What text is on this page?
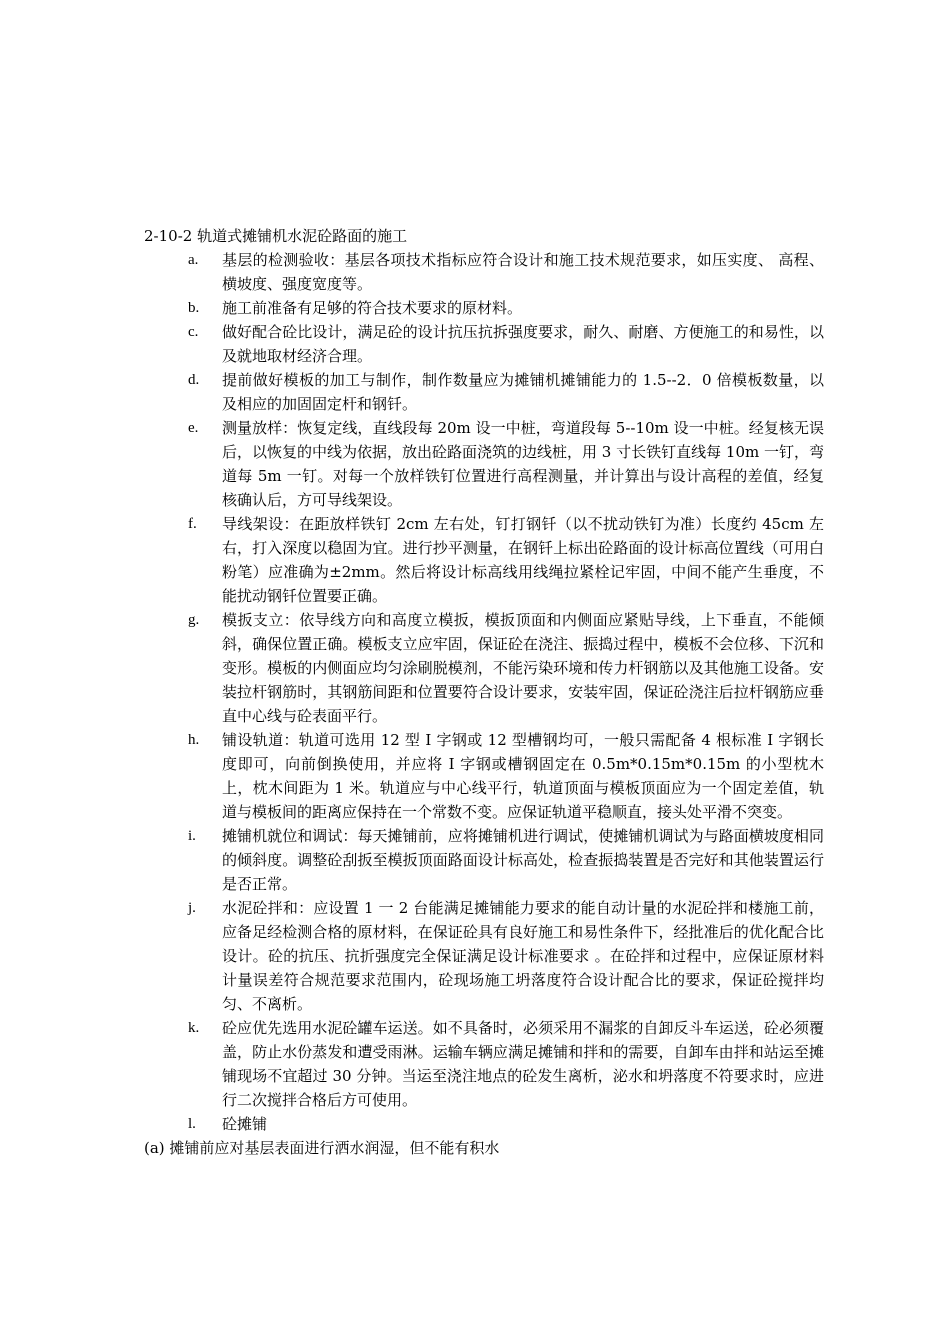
2-10-2 轨道式摊铺机水泥砼路面的施工
a. 基层的检测验收：基层各项技术指标应符合设计和施工技术规范要求，如压实度、 高程、横坡度、强度宽度等。
b. 施工前准备有足够的符合技术要求的原材料。
c. 做好配合砼比设计，满足砼的设计抗压抗拆强度要求，耐久、耐磨、方便施工的和易性，以及就地取材经济合理。
d. 提前做好模板的加工与制作，制作数量应为摊铺机摊铺能力的 1.5--2．0 倍模板数量，以及相应的加固固定杆和钢钎。
e. 测量放样：恢复定线，直线段每 20m 设一中桩，弯道段每 5--10m 设一中桩。经复核无误后，以恢复的中线为依据，放出砼路面浇筑的边线桩，用 3 寸长铁钉直线每 10m 一钉，弯道每 5m 一钉。对每一个放样铁钉位置进行高程测量，并计算出与设计高程的差值，经复核确认后，方可导线架设。
f. 导线架设：在距放样铁钉 2cm 左右处，钉打钢钎（以不扰动铁钉为准）长度约 45cm 左右，打入深度以稳固为宜。进行抄平测量，在钢钎上标出砼路面的设计标高位置线（可用白粉笔）应准确为±2mm。然后将设计标高线用线绳拉紧栓记牢固，中间不能产生垂度，不能扰动钢钎位置要正确。
g. 模扳支立：依导线方向和高度立模扳，模扳顶面和内侧面应紧贴导线，上下垂直，不能倾斜，确保位置正确。模板支立应牢固，保证砼在浇注、振捣过程中，模板不会位移、下沉和变形。模板的内侧面应均匀涂刷脱模剂，不能污染环境和传力杆钢筋以及其他施工设备。安装拉杆钢筋时，其钢筋间距和位置要符合设计要求，安装牢固，保证砼浇注后拉杆钢筋应垂直中心线与砼表面平行。
h. 铺设轨道：轨道可选用 12 型 I 字钢或 12 型槽钢均可，一般只需配备 4 根标准 I 字钢长度即可，向前倒换使用，并应将 I 字钢或槽钢固定在 0.5m*0.15m*0.15m 的小型枕木上，枕木间距为 1 米。轨道应与中心线平行，轨道顶面与模板顶面应为一个固定差值，轨道与模板间的距离应保持在一个常数不变。应保证轨道平稳顺直，接头处平滑不突变。
i. 摊铺机就位和调试：每天摊铺前，应将摊铺机进行调试，使摊铺机调试为与路面横坡度相同的倾斜度。调整砼刮扳至模扳顶面路面设计标高处，检查振捣装置是否完好和其他装置运行是否正常。
j. 水泥砼拌和：应设置 1 一 2 台能满足摊铺能力要求的能自动计量的水泥砼拌和楼施工前，应备足经检测合格的原材料，在保证砼具有良好施工和易性条件下，经批准后的优化配合比设计。砼的抗压、抗折强度完全保证满足设计标准要求 。在砼拌和过程中，应保证原材料计量误差符合规范要求范围内，砼现场施工坍落度符合设计配合比的要求，保证砼搅拌均匀、不离析。
k. 砼应优先选用水泥砼罐车运送。如不具备时，必须采用不漏浆的自卸反斗车运送，砼必须覆盖，防止水份蒸发和遭受雨淋。运输车辆应满足摊铺和拌和的需要，自卸车由拌和站运至摊铺现场不宜超过 30 分钟。当运至浇注地点的砼发生离析，泌水和坍落度不符要求时，应进行二次搅拌合格后方可使用。
l. 砼摊铺
(a) 摊铺前应对基层表面进行洒水润湿，但不能有积水
